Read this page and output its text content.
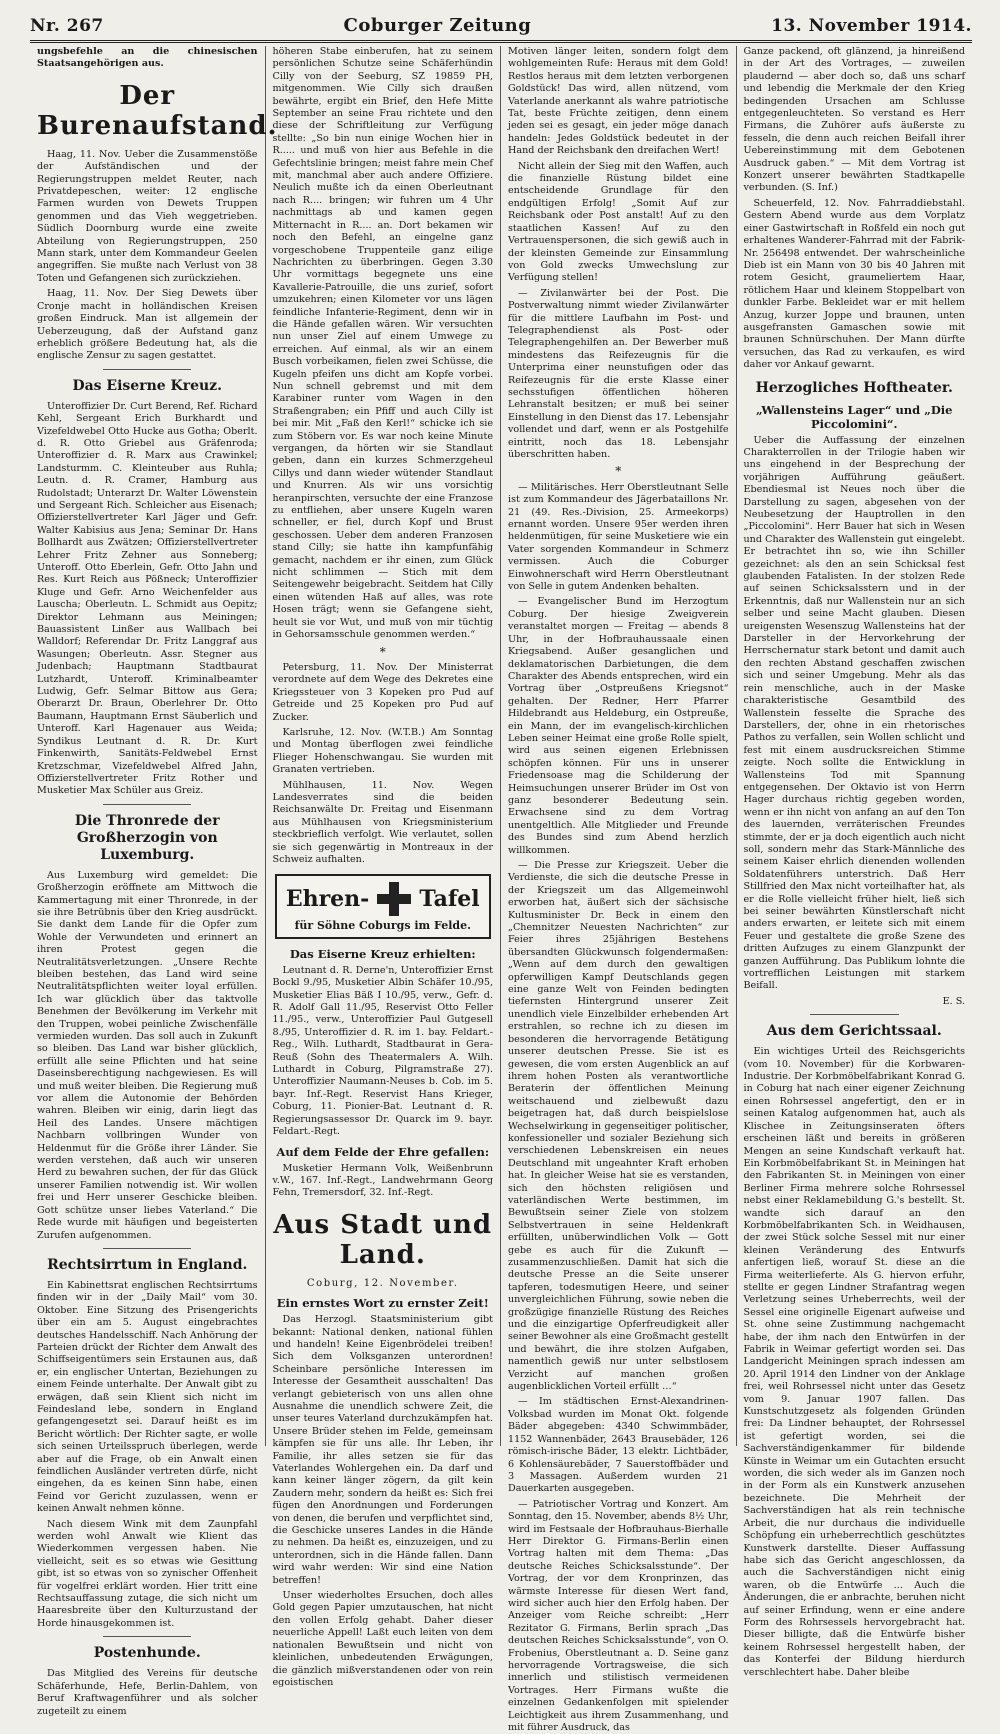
Nr. 267	Coburger Zeitung	13. November 1914.

ungsbefehle an die chinesischen Staatsangehörigen aus.

Der Burenaufstand.

Haag, 11. Nov. Ueber die Zusammenstöße der Aufständischen und der Regierungstruppen meldet Reuter, nach Privatdepeschen, weiter: 12 englische Farmen wurden von Dewets Truppen genommen und das Vieh weggetrieben. Südlich Doornburg wurde eine zweite Abteilung von Regierungstruppen, 250 Mann stark, unter dem Kommandeur Geelen angegriffen. Sie mußte nach Verlust von 38 Toten und Gefangenen sich zurückziehen.

Haag, 11. Nov. Der Sieg Dewets über Cronje macht in holländischen Kreisen großen Eindruck. Man ist allgemein der Ueberzeugung, daß der Aufstand ganz erheblich größere Bedeutung hat, als die englische Zensur zu sagen gestattet.

Das Eiserne Kreuz.

Unteroffizier Dr. Curt Berend, Ref. Richard Kehl, Sergeant Erich Burkhardt und Vizefeldwebel Otto Hucke aus Gotha; Oberlt. d. R. Otto Griebel aus Gräfenroda; Unteroffizier d. R. Marx aus Crawinkel; Landsturmm. C. Kleinteuber aus Ruhla; Leutn. d. R. Cramer, Hamburg aus Rudolstadt; Unterarzt Dr. Walter Löwenstein und Sergeant Rich. Schleicher aus Eisenach; Offizierstellvertreter Karl Jäger und Gefr. Walter Kabisius aus Jena; Seminar Dr. Hans Bollhardt aus Zwätzen; Offizierstellvertreter Lehrer Fritz Zehner aus Sonneberg; Unteroff. Otto Eberlein, Gefr. Otto Jahn und Res. Kurt Reich aus Pößneck; Unteroffizier Kluge und Gefr. Arno Weichenfelder aus Lauscha; Oberleutn. L. Schmidt aus Oepitz; Direktor Lehmann aus Meiningen; Bauassistent Linßer aus Wallbach bei Walldorf; Referendar Dr. Fritz Langgraf aus Wasungen; Oberleutn. Assr. Stegner aus Judenbach; Hauptmann Stadtbaurat Lutzhardt, Unteroff. Kriminalbeamter Ludwig, Gefr. Selmar Bittow aus Gera; Oberarzt Dr. Braun, Oberlehrer Dr. Otto Baumann, Hauptmann Ernst Säuberlich und Unteroff. Karl Hagenauer aus Weida; Syndikus Leutnant d. R. Dr. Kurt Finkenwirth, Sanitäts-Feldwebel Ernst Kretzschmar, Vizefeldwebel Alfred Jahn, Offizierstellvertreter Fritz Rother und Musketier Max Schüler aus Greiz.

Die Thronrede der Großherzogin von Luxemburg.

Aus Luxemburg wird gemeldet: Die Großherzogin eröffnete am Mittwoch die Kammertagung mit einer Thronrede, in der sie ihre Betrübnis über den Krieg ausdrückt. Sie dankt dem Lande für die Opfer zum Wohle der Verwundeten und erinnert an ihren Protest gegen die Neutralitätsverletzungen. „Unsere Rechte bleiben bestehen, das Land wird seine Neutralitätspflichten weiter loyal erfüllen. Ich war glücklich über das taktvolle Benehmen der Bevölkerung im Verkehr mit den Truppen, wobei peinliche Zwischenfälle vermieden wurden. Das soll auch in Zukunft so bleiben. Das Land war bisher glücklich, erfüllt alle seine Pflichten und hat seine Daseinsberechtigung nachgewiesen. Es will und muß weiter bleiben. Die Regierung muß vor allem die Autonomie der Behörden wahren. Bleiben wir einig, darin liegt das Heil des Landes. Unsere mächtigen Nachbarn vollbringen Wunder von Heldenmut für die Größe ihrer Länder. Sie werden verstehen, daß auch wir unseren Herd zu bewahren suchen, der für das Glück unserer Familien notwendig ist. Wir wollen frei und Herr unserer Geschicke bleiben. Gott schütze unser liebes Vaterland.“ Die Rede wurde mit häufigen und begeisterten Zurufen aufgenommen.

Rechtsirrtum in England.

Ein Kabinettsrat englischen Rechtsirrtums finden wir in der „Daily Mail“ vom 30. Oktober. Eine Sitzung des Prisengerichts über ein am 5. August eingebrachtes deutsches Handelsschiff. Nach Anhörung der Parteien drückt der Richter dem Anwalt des Schiffseigentümers sein Erstaunen aus, daß er, ein englischer Untertan, Beziehungen zu einem Feinde unterhalte. Der Anwalt gibt zu erwägen, daß sein Klient sich nicht im Feindesland lebe, sondern in England gefangengesetzt sei. Darauf heißt es im Bericht wörtlich: Der Richter sagte, er wolle sich seinen Urteilsspruch überlegen, werde aber auf die Frage, ob ein Anwalt einen feindlichen Ausländer vertreten dürfe, nicht eingehen, da es keinen Sinn habe, einen Feind vor Gericht zuzulassen, wenn er keinen Anwalt nehmen könne.

Nach diesem Wink mit dem Zaunpfahl werden wohl Anwalt wie Klient das Wiederkommen vergessen haben. Nie vielleicht, seit es so etwas wie Gesittung gibt, ist so etwas von so zynischer Offenheit für vogelfrei erklärt worden. Hier tritt eine Rechtsauffassung zutage, die sich nicht um Haaresbreite über den Kulturzustand der Horde hinausgekommen ist.

Postenhunde.

Das Mitglied des Vereins für deutsche Schäferhunde, Hefe, Berlin-Dahlem, von Beruf Kraftwagenführer und als solcher zugeteilt zu einem

höheren Stabe einberufen, hat zu seinem persönlichen Schutze seine Schäferhündin Cilly von der Seeburg, SZ 19859 PH, mitgenommen. Wie Cilly sich draußen bewährte, ergibt ein Brief, den Hefe Mitte September an seine Frau richtete und den diese der Schriftleitung zur Verfügung stellte: „So bin nun einige Wochen hier in R..... und muß von hier aus Befehle in die Gefechtslinie bringen; meist fahre mein Chef mit, manchmal aber auch andere Offiziere. Neulich mußte ich da einen Oberleutnant nach R.... bringen; wir fuhren um 4 Uhr nachmittags ab und kamen gegen Mitternacht in R.... an. Dort bekamen wir noch den Befehl, an eingelne ganz vorgeschobene Truppenteile ganz eilige Nachrichten zu überbringen. Gegen 3.30 Uhr vormittags begegnete uns eine Kavallerie-Patrouille, die uns zurief, sofort umzukehren; einen Kilometer vor uns lägen feindliche Infanterie-Regiment, denn wir in die Hände gefallen wären. Wir versuchten nun unser Ziel auf einem Umwege zu erreichen. Auf einmal, als wir an einem Busch vorbeikamen, fielen zwei Schüsse, die Kugeln pfeifen uns dicht am Kopfe vorbei. Nun schnell gebremst und mit dem Karabiner runter vom Wagen in den Straßengraben; ein Pfiff und auch Cilly ist bei mir. Mit „Faß den Kerl!“ schicke ich sie zum Stöbern vor. Es war noch keine Minute vergangen, da hörten wir sie Standlaut geben, dann ein kurzes Schmerzgeheul Cillys und dann wieder wütender Standlaut und Knurren. Als wir uns vorsichtig heranpirschten, versuchte der eine Franzose zu entfliehen, aber unsere Kugeln waren schneller, er fiel, durch Kopf und Brust geschossen. Ueber dem anderen Franzosen stand Cilly; sie hatte ihn kampfunfähig gemacht, nachdem er ihr einen, zum Glück nicht schlimmen — Stich mit dem Seitengewehr beigebracht. Seitdem hat Cilly einen wütenden Haß auf alles, was rote Hosen trägt; wenn sie Gefangene sieht, heult sie vor Wut, und muß von mir tüchtig in Gehorsamsschule genommen werden.“

*

Petersburg, 11. Nov. Der Ministerrat verordnete auf dem Wege des Dekretes eine Kriegssteuer von 3 Kopeken pro Pud auf Getreide und 25 Kopeken pro Pud auf Zucker.

Karlsruhe, 12. Nov. (W.T.B.) Am Sonntag und Montag überflogen zwei feindliche Flieger Hohenschwangau. Sie wurden mit Granaten vertrieben.

Mühlhausen, 11. Nov. Wegen Landesverrates sind die beiden Reichsanwälte Dr. Freitag und Eisenmann aus Mühlhausen von Kriegsministerium steckbrieflich verfolgt. Wie verlautet, sollen sie sich gegenwärtig in Montreaux in der Schweiz aufhalten.

Ehren- Tafel
für Söhne Coburgs im Felde.
Das Eiserne Kreuz erhielten:

Leutnant d. R. Derne'n, Unteroffizier Ernst Bockl 9./95, Musketier Albin Schäfer 10./95, Musketier Elias Bäß I 10./95, verw., Gefr. d. R. Adolf Gall 11./95, Reservist Otto Feller 11./95., verw., Unteroffizier Paul Gutgesell 8./95, Unteroffizier d. R. im 1. bay. Feldart.-Reg., Wilh. Luthardt, Stadtbaurat in Gera-Reuß (Sohn des Theatermalers A. Wilh. Luthardt in Coburg, Pilgramstraße 27). Unteroffizier Naumann-Neuses b. Cob. im 5. bayr. Inf.-Regt. Reservist Hans Krieger, Coburg, 11. Pionier-Bat. Leutnant d. R. Regierungsassessor Dr. Quarck im 9. bayr. Feldart.-Regt.

Auf dem Felde der Ehre gefallen:

Musketier Hermann Volk, Weißenbrunn v.W., 167. Inf.-Regt., Landwehrmann Georg Fehn, Tremersdorf, 32. Inf.-Regt.

Aus Stadt und Land.
Coburg, 12. November.
Ein ernstes Wort zu ernster Zeit!

Das Herzogl. Staatsministerium gibt bekannt: National denken, national fühlen und handeln! Keine Eigenbrödelei treiben! Sich dem Volksganzen unterordnen! Scheinbare persönliche Interessen im Interesse der Gesamtheit ausschalten! Das verlangt gebieterisch von uns allen ohne Ausnahme die unendlich schwere Zeit, die unser teures Vaterland durchzukämpfen hat. Unsere Brüder stehen im Felde, gemeinsam kämpfen sie für uns alle. Ihr Leben, ihr Familie, ihr alles setzen sie für das Vaterlandes Wohlergehen ein. Da darf und kann keiner länger zögern, da gilt kein Zaudern mehr, sondern da heißt es: Sich frei fügen den Anordnungen und Forderungen von denen, die berufen und verpflichtet sind, die Geschicke unseres Landes in die Hände zu nehmen. Da heißt es, einzuzeigen, und zu unterordnen, sich in die Hände fallen. Dann wird wahr werden: Wir sind eine Nation betreffen!

Unser wiederholtes Ersuchen, doch alles Gold gegen Papier umzutauschen, hat nicht den vollen Erfolg gehabt. Daher dieser neuerliche Appell! Laßt euch leiten von dem nationalen Bewußtsein und nicht von kleinlichen, unbedeutenden Erwägungen, die gänzlich mißverstandenen oder von rein egoistischen

Motiven länger leiten, sondern folgt dem wohlgemeinten Rufe: Heraus mit dem Gold! Restlos heraus mit dem letzten verborgenen Goldstück! Das wird, allen nützend, vom Vaterlande anerkannt als wahre patriotische Tat, beste Früchte zeitigen, denn einem jeden sei es gesagt, ein jeder möge danach handeln: Jedes Goldstück bedeutet in der Hand der Reichsbank den dreifachen Wert!

Nicht allein der Sieg mit den Waffen, auch die finanzielle Rüstung bildet eine entscheidende Grundlage für den endgültigen Erfolg! „Somit Auf zur Reichsbank oder Post anstalt! Auf zu den staatlichen Kassen! Auf zu den Vertrauenspersonen, die sich gewiß auch in der kleinsten Gemeinde zur Einsammlung von Gold zwecks Umwechslung zur Verfügung stellen!

— Zivilanwärter bei der Post. Die Postverwaltung nimmt wieder Zivilanwärter für die mittlere Laufbahn im Post- und Telegraphendienst als Post- oder Telegraphengehilfen an. Der Bewerber muß mindestens das Reifezeugnis für die Unterprima einer neunstufigen oder das Reifezeugnis für die erste Klasse einer sechsstufigen öffentlichen höheren Lehranstalt besitzen; er muß bei seiner Einstellung in den Dienst das 17. Lebensjahr vollendet und darf, wenn er als Postgehilfe eintritt, noch das 18. Lebensjahr überschritten haben.

*

— Militärisches. Herr Oberstleutnant Selle ist zum Kommandeur des Jägerbataillons Nr. 21 (49. Res.-Division, 25. Armeekorps) ernannt worden. Unsere 95er werden ihren heldenmütigen, für seine Musketiere wie ein Vater sorgenden Kommandeur in Schmerz vermissen. Auch die Coburger Einwohnerschaft wird Herrn Oberstleutnant von Selle in gutem Andenken behalten.

— Evangelischer Bund im Herzogtum Coburg. Der hiesige Zweigverein veranstaltet morgen — Freitag — abends 8 Uhr, in der Hofbrauhaussaale einen Kriegsabend. Außer gesanglichen und deklamatorischen Darbietungen, die dem Charakter des Abends entsprechen, wird ein Vortrag über „Ostpreußens Kriegsnot“ gehalten. Der Redner, Herr Pfarrer Hildebrandt aus Heldeburg, ein Ostpreuße, ein Mann, der im evangelisch-kirchlichen Leben seiner Heimat eine große Rolle spielt, wird aus seinen eigenen Erlebnissen schöpfen können. Für uns in unserer Friedensoase mag die Schilderung der Heimsuchungen unserer Brüder im Ost von ganz besonderer Bedeutung sein. Erwachsene sind zu dem Vortrag unentgeltlich. Alle Mitglieder und Freunde des Bundes sind zum Abend herzlich willkommen.

— Die Presse zur Kriegszeit. Ueber die Verdienste, die sich die deutsche Presse in der Kriegszeit um das Allgemeinwohl erworben hat, äußert sich der sächsische Kultusminister Dr. Beck in einem den „Chemnitzer Neuesten Nachrichten“ zur Feier ihres 25jährigen Bestehens übersandten Glückwunsch folgendermaßen: „Wenn auf dem durch den gewaltigen opferwilligen Kampf Deutschlands gegen eine ganze Welt von Feinden bedingten tiefernsten Hintergrund unserer Zeit unendlich viele Einzelbilder erhebenden Art erstrahlen, so rechne ich zu diesen im besonderen die hervorragende Betätigung unserer deutschen Presse. Sie ist es gewesen, die vom ersten Augenblick an auf ihrem hohen Posten als verantwortliche Beraterin der öffentlichen Meinung weitschauend und zielbewußt dazu beigetragen hat, daß durch beispielslose Wechselwirkung in gegenseitiger politischer, konfessioneller und sozialer Beziehung sich verschiedenen Lebenskreisen ein neues Deutschland mit ungeahnter Kraft erhoben hat. In gleicher Weise hat sie es verstanden, sich den höchsten religiösen und vaterländischen Werte bestimmen, im Bewußtsein seiner Ziele von stolzem Selbstvertrauen in seine Heldenkraft erfüllten, unüberwindlichen Volk — Gott gebe es auch für die Zukunft — zusammenzuschließen. Damit hat sich die deutsche Presse an die Seite unserer tapferen, todesmutigen Heere, und seiner unvergleichlichen Führung, sowie neben die großzügige finanzielle Rüstung des Reiches und die einzigartige Opferfreudigkeit aller seiner Bewohner als eine Großmacht gestellt und bewährt, die ihre stolzen Aufgaben, namentlich gewiß nur unter selbstlosem Verzicht auf manchen großen augenblicklichen Vorteil erfüllt …“

— Im städtischen Ernst-Alexandrinen-Volksbad wurden im Monat Okt. folgende Bäder abgegeben: 4340 Schwimmbäder, 1152 Wannenbäder, 2643 Brausebäder, 126 römisch-irische Bäder, 13 elektr. Lichtbäder, 6 Kohlensäurebäder, 7 Sauerstoffbäder und 3 Massagen. Außerdem wurden 21 Dauerkarten ausgegeben.

— Patriotischer Vortrag und Konzert. Am Sonntag, den 15. November, abends 8½ Uhr, wird im Festsaale der Hofbrauhaus-Bierhalle Herr Direktor G. Firmans-Berlin einen Vortrag halten mit dem Thema: „Das deutsche Reiches Schicksalsstunde“. Der Vortrag, der vor dem Kronprinzen, das wärmste Interesse für diesen Wert fand, wird sicher auch hier den Erfolg haben. Der Anzeiger vom Reiche schreibt: „Herr Rezitator G. Firmans, Berlin sprach „Das deutschen Reiches Schicksalsstunde“, von O. Frobenius, Oberstleutnant a. D. Seine ganz hervorragende Vortragsweise, die sich innerlich und stilistisch vermeidenen Vortrages. Herr Firmans wußte die einzelnen Gedankenfolgen mit spielender Leichtigkeit aus ihrem Zusammenhang, und mit führer Ausdruck, das

Ganze packend, oft glänzend, ja hinreißend in der Art des Vortrages, — zuweilen plaudernd — aber doch so, daß uns scharf und lebendig die Merkmale der den Krieg bedingenden Ursachen am Schlusse entgegenleuchteten. So verstand es Herr Firmans, die Zuhörer aufs äußerste zu fesseln, die denn auch reichen Beifall ihrer Uebereinstimmung mit dem Gebotenen Ausdruck gaben.“ — Mit dem Vortrag ist Konzert unserer bewährten Stadtkapelle verbunden. (S. Inf.)

Scheuerfeld, 12. Nov. Fahrraddiebstahl. Gestern Abend wurde aus dem Vorplatz einer Gastwirtschaft in Roßfeld ein noch gut erhaltenes Wanderer-Fahrrad mit der Fabrik-Nr. 256498 entwendet. Der wahrscheinliche Dieb ist ein Mann von 30 bis 40 Jahren mit rotem Gesicht, graumeliertem Haar, rötlichem Haar und kleinem Stoppelbart von dunkler Farbe. Bekleidet war er mit hellem Anzug, kurzer Joppe und braunen, unten ausgefransten Gamaschen sowie mit braunen Schnürschuhen. Der Mann dürfte versuchen, das Rad zu verkaufen, es wird daher vor Ankauf gewarnt.

Herzogliches Hoftheater.
„Wallensteins Lager“ und „Die Piccolomini“.

Ueber die Auffassung der einzelnen Charakterrollen in der Trilogie haben wir uns eingehend in der Besprechung der vorjährigen Aufführung geäußert. Ebendiesmal ist Neues noch über die Darstellung zu sagen, abgesehen von der Neubesetzung der Hauptrollen in den „Piccolomini“. Herr Bauer hat sich in Wesen und Charakter des Wallenstein gut eingelebt. Er betrachtet ihn so, wie ihn Schiller gezeichnet: als den an sein Schicksal fest glaubenden Fatalisten. In der stolzen Rede auf seinen Schicksalsstern und in der Erkenntnis, daß nur Wallenstein nur an sich selber und seine Macht glauben. Diesen ureigensten Wesenszug Wallensteins hat der Darsteller in der Hervorkehrung der Herrschernatur stark betont und damit auch den rechten Abstand geschaffen zwischen sich und seiner Umgebung. Mehr als das rein menschliche, auch in der Maske charakteristische Gesamtbild des Wallenstein fesselte die Sprache des Darstellers, der, ohne in ein rhetorisches Pathos zu verfallen, sein Wollen schlicht und fest mit einem ausdrucksreichen Stimme zeigte. Noch sollte die Entwicklung in Wallensteins Tod mit Spannung entgegensehen. Der Oktavio ist von Herrn Hager durchaus richtig gegeben worden, wenn er ihn nicht von anfang an auf den Ton des lauernden, verräterischen Freundes stimmte, der er ja doch eigentlich auch nicht soll, sondern mehr das Stark-Männliche des seinem Kaiser ehrlich dienenden wollenden Soldatenführers unterstrich. Daß Herr Stillfried den Max nicht vorteilhafter hat, als er die Rolle vielleicht früher hielt, ließ sich bei seiner bewährten Künstlerschaft nicht anders erwarten, er leitete sich mit einem Feuer und gestaltete die große Szene des dritten Aufzuges zu einem Glanzpunkt der ganzen Aufführung. Das Publikum lohnte die vortrefflichen Leistungen mit starkem Beifall.

E. S.
Aus dem Gerichtssaal.

Ein wichtiges Urteil des Reichsgerichts (vom 10. November) für die Korbwaren-Industrie. Der Korbmöbelfabrikant Konrad G. in Coburg hat nach einer eigener Zeichnung einen Rohrsessel angefertigt, den er in seinen Katalog aufgenommen hat, auch als Klischee in Zeitungsinseraten öfters erscheinen läßt und bereits in größeren Mengen an seine Kundschaft verkauft hat. Ein Korbmöbelfabrikant St. in Meiningen hat den Fabrikanten St. in Meiningen von einer Berliner Firma mehrere solche Rohrsessel nebst einer Reklamebildung G.'s bestellt. St. wandte sich darauf an den Korbmöbelfabrikanten Sch. in Weidhausen, der zwei Stück solche Sessel mit nur einer kleinen Veränderung des Entwurfs anfertigen ließ, worauf St. diese an die Firma weiterlieferte. Als G. hiervon erfuhr, stellte er gegen Lindner Strafantrag wegen Verletzung seines Urheberrechts, weil der Sessel eine originelle Eigenart aufweise und St. ohne seine Zustimmung nachgemacht habe, der ihm nach den Entwürfen in der Fabrik in Weimar gefertigt worden sei. Das Landgericht Meiningen sprach indessen am 20. April 1914 den Lindner von der Anklage frei, weil Rohrsessel nicht unter das Gesetz vom 9. Januar 1907 fallen. Das Kunstschutzgesetz als folgenden Gründen frei: Da Lindner behauptet, der Rohrsessel ist gefertigt worden, sei die Sachverständigenkammer für bildende Künste in Weimar um ein Gutachten ersucht worden, die sich weder als im Ganzen noch in der Form als ein Kunstwerk anzusehen bezeichnete. Die Mehrheit der Sachverständigen hat als rein technische Arbeit, die nur durchaus die individuelle Schöpfung ein urheberrechtlich geschütztes Kunstwerk darstellte. Dieser Auffassung habe sich das Gericht angeschlossen, da auch die Sachverständigen nicht einig waren, ob die Entwürfe … Auch die Änderungen, die er anbrachte, beruhen nicht auf seiner Erfindung, wenn er eine andere Form des Rohrsessels hervorgebracht hat. Dieser billigte, daß die Entwürfe bisher keinem Rohrsessel hergestellt haben, der das Konterfei der Bildung hierdurch verschlechtert habe. Daher bleibe
